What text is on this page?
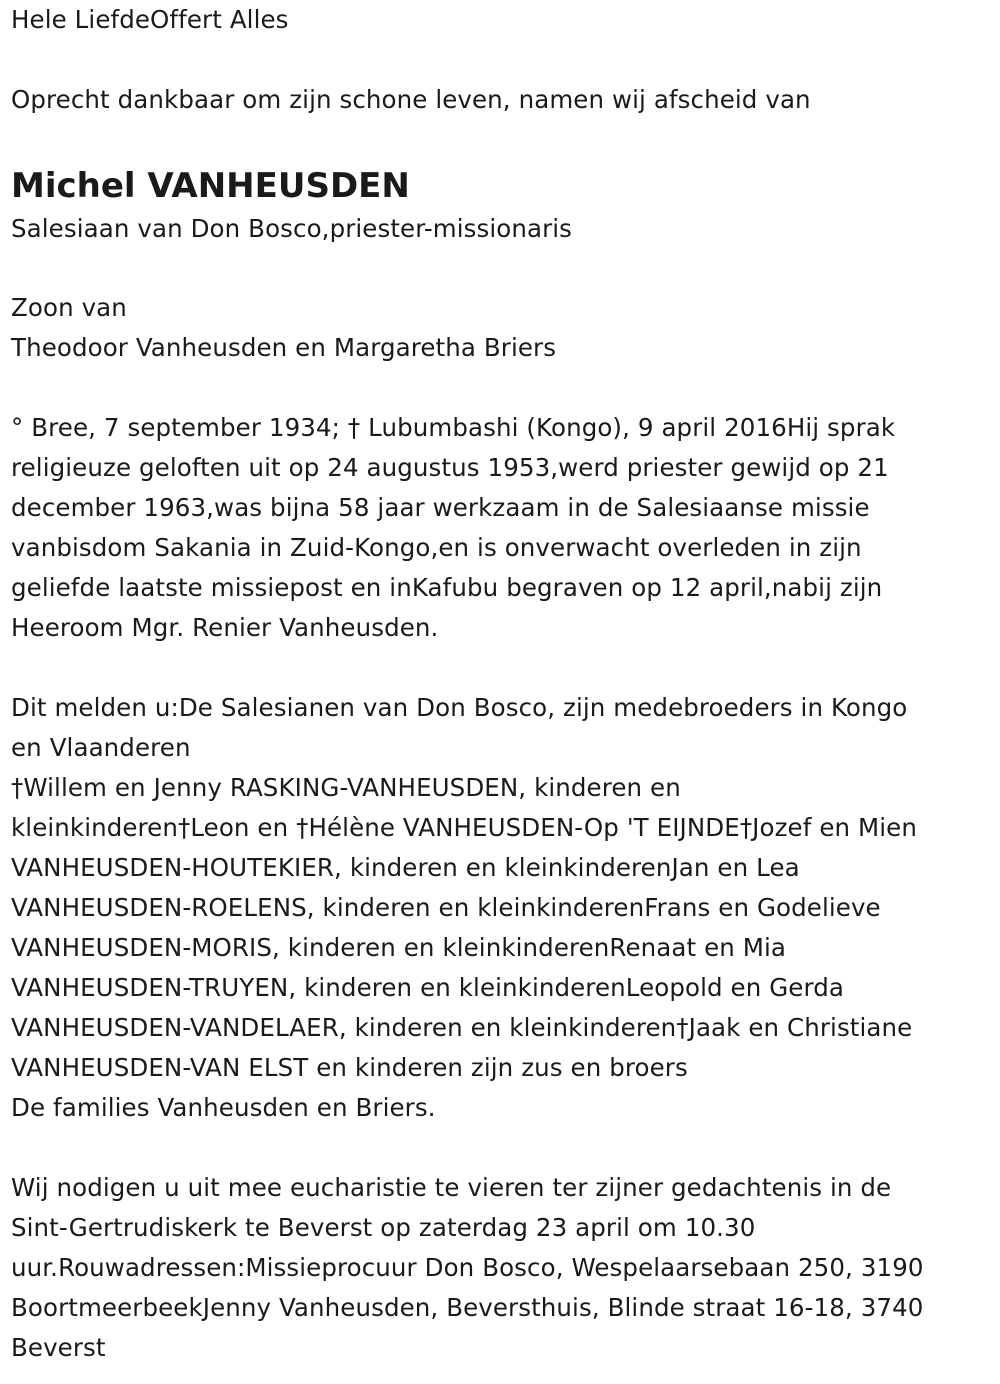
Hele LiefdeOffert Alles
Oprecht dankbaar om zijn schone leven, namen wij afscheid van
Michel VANHEUSDEN
Salesiaan van Don Bosco,priester-missionaris
Zoon van
Theodoor Vanheusden en Margaretha Briers
° Bree, 7 september 1934; † Lubumbashi (Kongo), 9 april 2016Hij sprak
religieuze geloften uit op 24 augustus 1953,werd priester gewijd op 21
december 1963,was bijna 58 jaar werkzaam in de Salesiaanse missie
vanbisdom Sakania in Zuid-Kongo,en is onverwacht overleden in zijn
geliefde laatste missiepost en inKafubu begraven op 12 april,nabij zijn
Heeroom Mgr. Renier Vanheusden.
Dit melden u:De Salesianen van Don Bosco, zijn medebroeders in Kongo
en Vlaanderen
†Willem en Jenny RASKING-VANHEUSDEN, kinderen en
kleinkinderen†Leon en †Hélène VANHEUSDEN-Op 'T EIJNDE†Jozef en Mien
VANHEUSDEN-HOUTEKIER, kinderen en kleinkinderenJan en Lea
VANHEUSDEN-ROELENS, kinderen en kleinkinderenFrans en Godelieve
VANHEUSDEN-MORIS, kinderen en kleinkinderenRenaat en Mia
VANHEUSDEN-TRUYEN, kinderen en kleinkinderenLeopold en Gerda
VANHEUSDEN-VANDELAER, kinderen en kleinkinderen†Jaak en Christiane
VANHEUSDEN-VAN ELST en kinderen zijn zus en broers
De families Vanheusden en Briers.
Wij nodigen u uit mee eucharistie te vieren ter zijner gedachtenis in de
Sint-Gertrudiskerk te Beverst op zaterdag 23 april om 10.30
uur.Rouwadressen:Missieprocuur Don Bosco, Wespelaarsebaan 250, 3190
BoortmeerbeekJenny Vanheusden, Beversthuis, Blinde straat 16-18, 3740
Beverst
